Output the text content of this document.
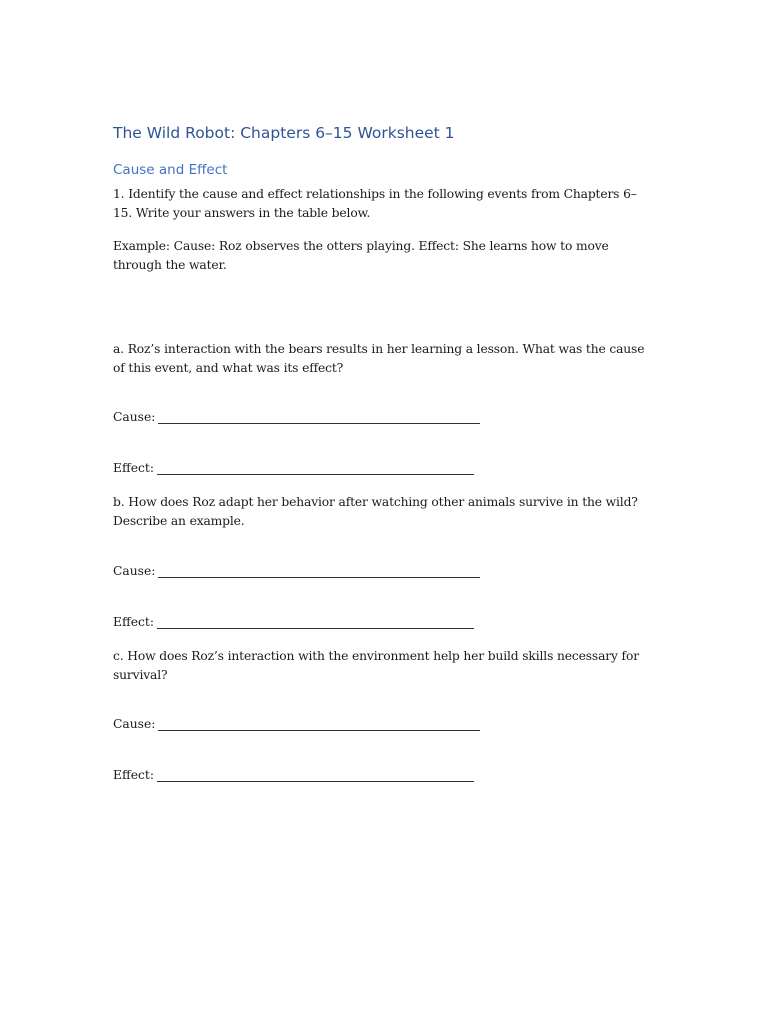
The Wild Robot: Chapters 6–15 Worksheet 1
Cause and Effect
1. Identify the cause and effect relationships in the following events from Chapters 6–15. Write your answers in the table below.
Example: Cause: Roz observes the otters playing. Effect: She learns how to move through the water.
a. Roz’s interaction with the bears results in her learning a lesson. What was the cause of this event, and what was its effect?
Cause:
Effect:
b. How does Roz adapt her behavior after watching other animals survive in the wild? Describe an example.
Cause:
Effect:
c. How does Roz’s interaction with the environment help her build skills necessary for survival?
Cause:
Effect:
